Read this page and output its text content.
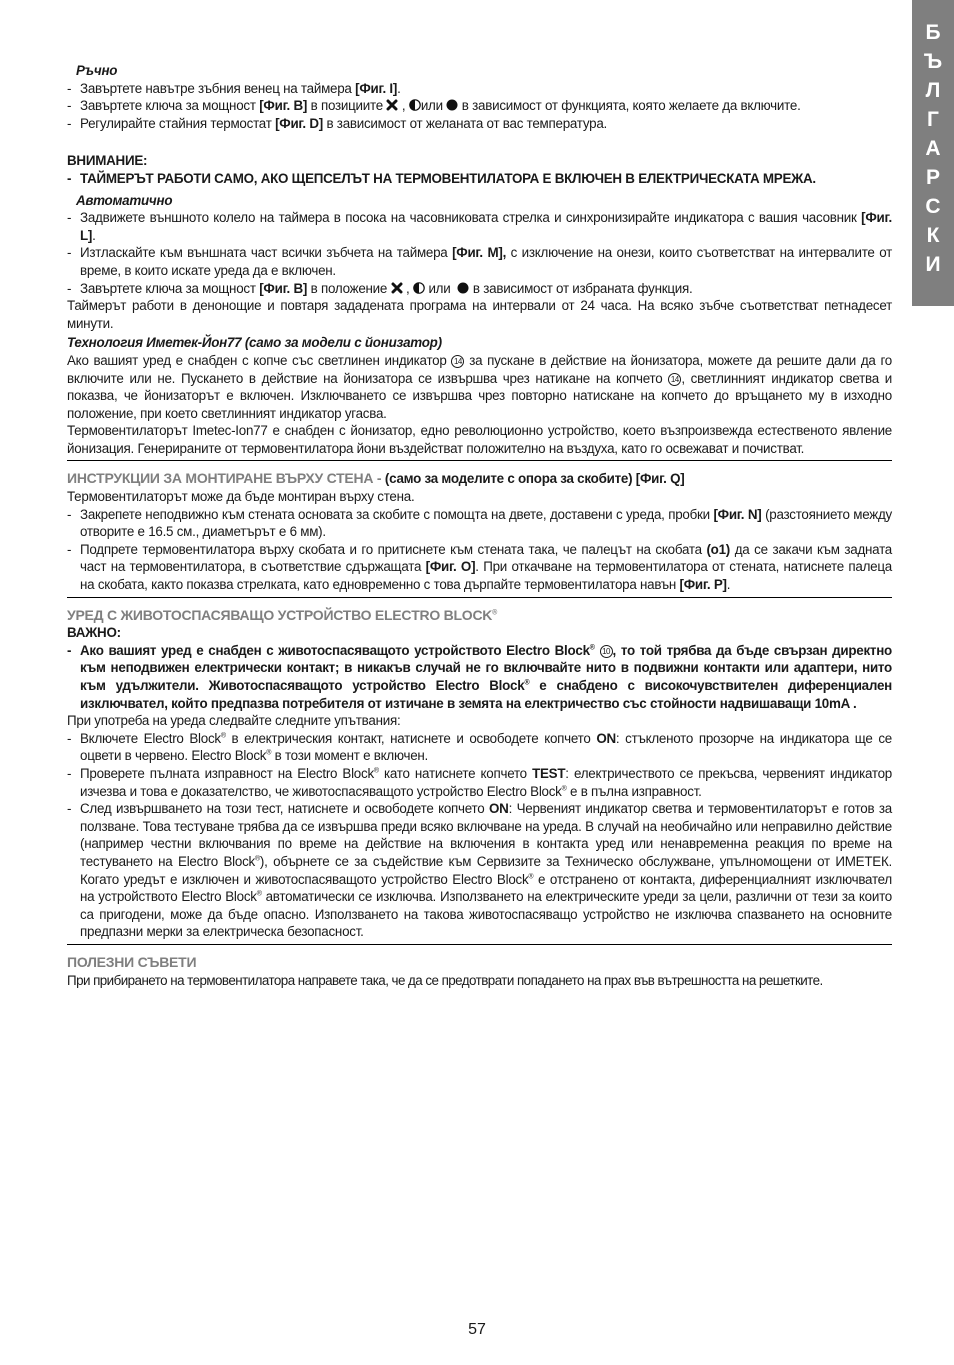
Б
Ъ
Л
Г
А
Р
С
К
И
Ръчно
- Завъртете навътре зъбния венец на таймера [Фиг. I].
- Завъртете ключа за мощност [Фиг. B] в позициите  , или  в зависимост от функцията, която желаете да включите.
- Регулирайте стайния термостат [Фиг. D] в зависимост от желаната от вас температура.
ВНИМАНИЕ:
- ТАЙМЕРЪТ РАБОТИ САМО, АКО ЩЕПСЕЛЪТ НА ТЕРМОВЕНТИЛАТОРА Е ВКЛЮЧЕН В ЕЛЕКТРИЧЕСКАТА МРЕЖА.
Автоматично
- Задвижете външното колело на таймера в посока на часовниковата стрелка и синхронизирайте индикатора с вашия часовник [Фиг. L].
- Изтласкайте към външната част всички зъбчета на таймера [Фиг. M], с изключение на онези, които съответстват на интервалите от време, в които искате уреда да е включен.
- Завъртете ключа за мощност [Фиг. B] в положение  ,  или   в зависимост от избраната функция.

Таймерът работи в денонощие и повтаря зададената програма на интервали от 24 часа. На всяко зъбче съответстват петнадесет минути.

Технология Иметек-Йон77 (само за модели с йонизатор)

Ако вашият уред е снабден с копче със светлинен индикатор 14 за пускане в действие на йонизатора, можете да решите дали да го включите или не. Пускането в действие на йонизатора се извършва чрез натикане на копчето 14 , светлинният индикатор светва и показва, че йонизаторът е включен. Изключването се извършва чрез повторно натискане на копчето до връщането му в изходно положение, при което светлинният индикатор угасва.

Термовентилаторът Imetec-Ion77 е снабден с йонизатор, едно революционно устройство, което възпроизвежда естественото явление йонизация. Генерираните от термовентилатора йони въздействат положително на въздуха, като го освежават и почистват.

ИНСТРУКЦИИ ЗА МОНТИРАНЕ ВЪРХУ СТЕНА - (само за моделите с опора за скобите) [Фиг. Q]

Термовентилаторът може да бъде монтиран върху стена.

- Закрепете неподвижно към стената основата за скобите с помощта на двете, доставени с уреда, пробки [Фиг. N] (разстоянието между отворите е 16.5 см., диаметърът е 6 мм).
- Подпрете термовентилатора върху скобата и го притиснете към стената така, че палецът на скобата (o1) да се закачи към задната част на термовентилатора, в съответствие сдържащата [Фиг. O]. При откачване на термовентилатора от стената, натиснете палеца на скобата, както показва стрелката, като едновременно с това дърпайте термовентилатора навън [Фиг. P].
УРЕД С ЖИВОТОСПАСЯВАЩО УСТРОЙСТВО ELECTRO BLOCK®
ВАЖНО:
- Ако вашият уред е снабден с животоспасяващото устройството Electro Block® 10 , то той трябва да бъде свързан директно към неподвижен електрически контакт; в никакъв случай не го включвайте нито в подвижни контакти или адаптери, нито към удължители. Животоспасяващото устройство Electro Block® е снабдено с високочувствителен диференциален изключвател, който предпазва потребителя от изтичане в земята на електричество със стойности надвишаващи 10mA .

При употреба на уреда следвайте следните упътвания:

- Включете Electro Block® в електрическия контакт, натиснете и освободете копчето ON: стъкленото прозорче на индикатора ще се оцвети в червено. Electro Block® в този момент е включен.
- Проверете пълната изправност на Electro Block® като натиснете копчето TEST: електричеството се прекъсва, червеният индикатор изчезва и това е доказателство, че животоспасяващото устройство Electro Block® е в пълна изправност.
- След извършването на този тест, натиснете и освободете копчето ON: Червеният индикатор светва и термовентилаторът е готов за ползване. Това тестуване трябва да се извършва преди всяко включване на уреда. В случай на необичайно или неправилно действие (например честни включвания по време на действие на включения в контакта уред или ненавременна реакция по време на тестуването на Electro Block®), обърнете се за съдействие към Сервизите за Техническо обслужване, упълномощени от ИМЕТЕК. Когато уредът е изключен и животоспасяващото устройство Electro Block® е отстранено от контакта, диференциалният изключвател на устройството Electro Block® автоматически се изключва. Използването на електрическите уреди за цели, различни от тези за които са пригодени, може да бъде опасно. Използването на такова животоспасяващо устройство не изключва спазването на основните предпазни мерки за електрическа безопасност.
ПОЛЕЗНИ СЪВЕТИ

При прибирането на термовентилатора направете така, че да се предотврати попадането на прах във вътрешността на решетките.

57
